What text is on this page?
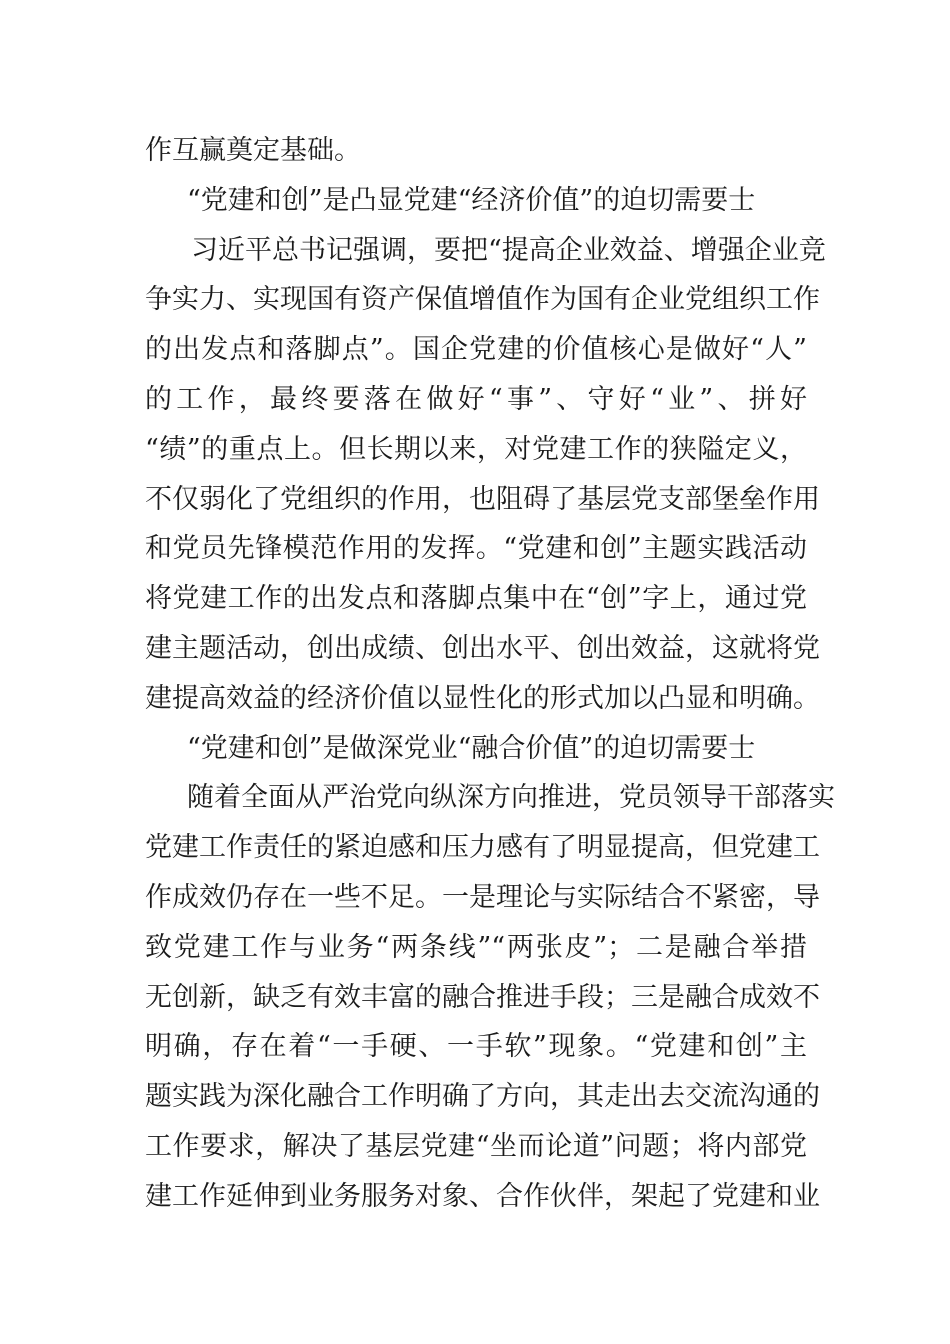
作互赢奠定基础。
“党建和创”是凸显党建“经济价值”的迫切需要士
习近平总书记强调，要把“提高企业效益、增强企业竞
争实力、实现国有资产保值增值作为国有企业党组织工作
的出发点和落脚点”。国企党建的价值核心是做好“人”
的工作，最终要落在做好“事”、守好“业”、拼好
“绩”的重点上。但长期以来，对党建工作的狭隘定义，
不仅弱化了党组织的作用，也阻碍了基层党支部堡垒作用
和党员先锋模范作用的发挥。“党建和创”主题实践活动
将党建工作的出发点和落脚点集中在“创”字上，通过党
建主题活动，创出成绩、创出水平、创出效益，这就将党
建提高效益的经济价值以显性化的形式加以凸显和明确。
“党建和创”是做深党业“融合价值”的迫切需要士
随着全面从严治党向纵深方向推进，党员领导干部落实
党建工作责任的紧迫感和压力感有了明显提高，但党建工
作成效仍存在一些不足。一是理论与实际结合不紧密，导
致党建工作与业务“两条线”“两张皮”；二是融合举措
无创新，缺乏有效丰富的融合推进手段；三是融合成效不
明确，存在着“一手硬、一手软”现象。“党建和创”主
题实践为深化融合工作明确了方向，其走出去交流沟通的
工作要求，解决了基层党建“坐而论道”问题；将内部党
建工作延伸到业务服务对象、合作伙伴，架起了党建和业
